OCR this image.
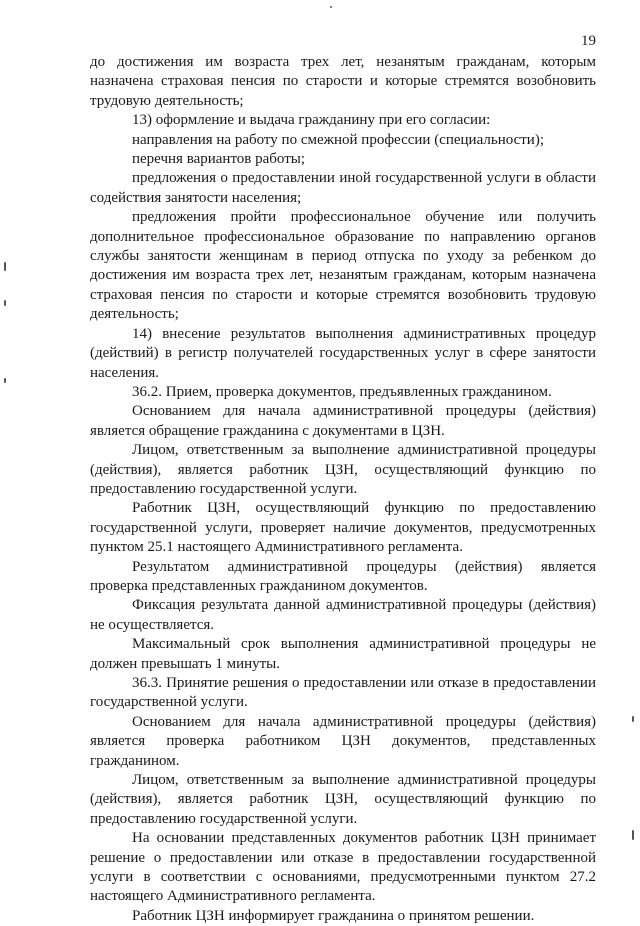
19

до достижения им возраста трех лет, незанятым гражданам, которым назначена страховая пенсия по старости и которые стремятся возобновить трудовую деятельность;

13) оформление и выдача гражданину при его согласии:

направления на работу по смежной профессии (специальности);

перечня вариантов работы;

предложения о предоставлении иной государственной услуги в области содействия занятости населения;

предложения пройти профессиональное обучение или получить дополнительное профессиональное образование по направлению органов службы занятости женщинам в период отпуска по уходу за ребенком до достижения им возраста трех лет, незанятым гражданам, которым назначена страховая пенсия по старости и которые стремятся возобновить трудовую деятельность;

14) внесение результатов выполнения административных процедур (действий) в регистр получателей государственных услуг в сфере занятости населения.

36.2. Прием, проверка документов, предъявленных гражданином.

Основанием для начала административной процедуры (действия) является обращение гражданина с документами в ЦЗН.

Лицом, ответственным за выполнение административной процедуры (действия), является работник ЦЗН, осуществляющий функцию по предоставлению государственной услуги.

Работник ЦЗН, осуществляющий функцию по предоставлению государственной услуги, проверяет наличие документов, предусмотренных пунктом 25.1 настоящего Административного регламента.

Результатом административной процедуры (действия) является проверка представленных гражданином документов.

Фиксация результата данной административной процедуры (действия) не осуществляется.

Максимальный срок выполнения административной процедуры не должен превышать 1 минуты.

36.3. Принятие решения о предоставлении или отказе в предоставлении государственной услуги.

Основанием для начала административной процедуры (действия) является проверка работником ЦЗН документов, представленных гражданином.

Лицом, ответственным за выполнение административной процедуры (действия), является работник ЦЗН, осуществляющий функцию по предоставлению государственной услуги.

На основании представленных документов работник ЦЗН принимает решение о предоставлении или отказе в предоставлении государственной услуги в соответствии с основаниями, предусмотренными пунктом 27.2 настоящего Административного регламента.

Работник ЦЗН информирует гражданина о принятом решении.
